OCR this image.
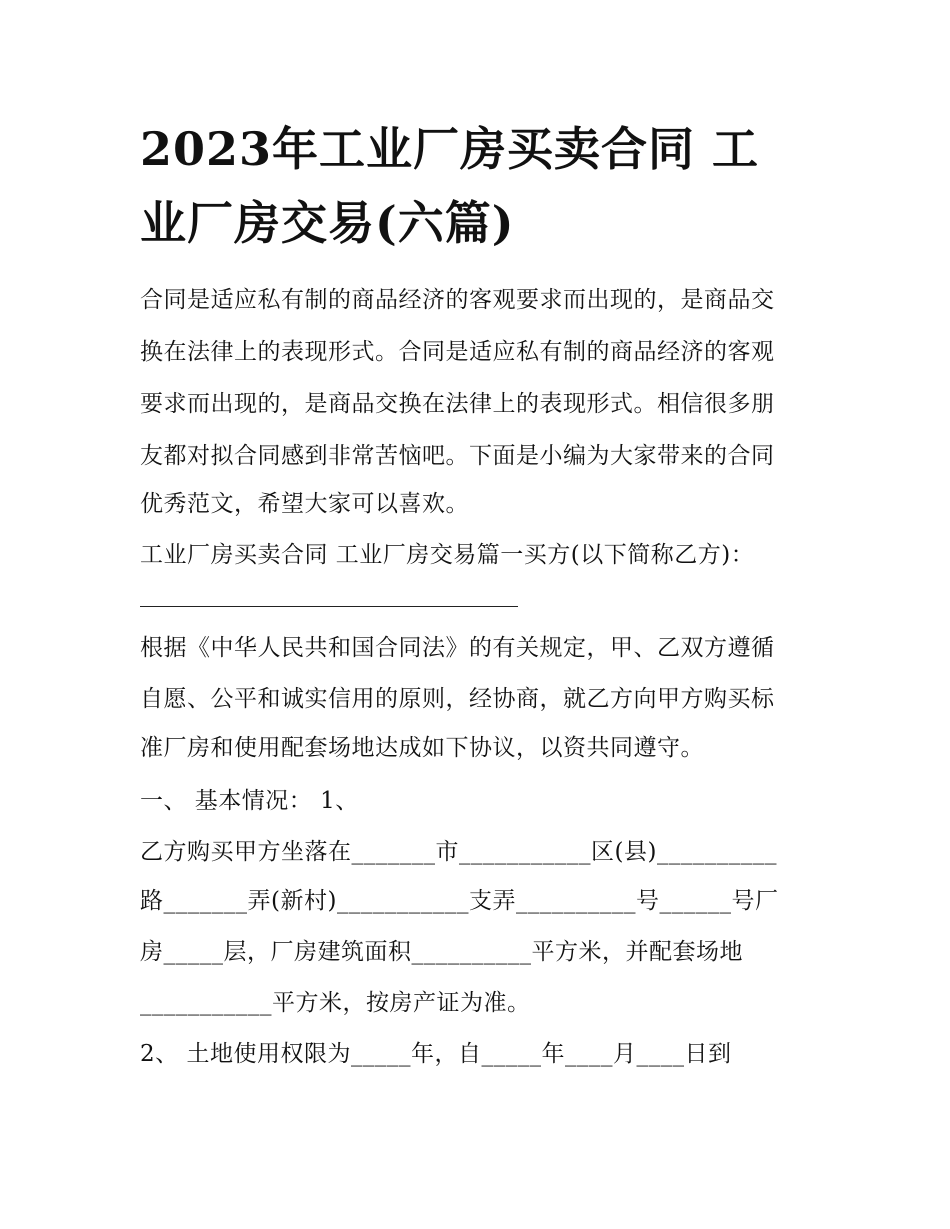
2023年工业厂房买卖合同 工
业厂房交易(六篇)
合同是适应私有制的商品经济的客观要求而出现的，是商品交
换在法律上的表现形式。合同是适应私有制的商品经济的客观
要求而出现的，是商品交换在法律上的表现形式。相信很多朋
友都对拟合同感到非常苦恼吧。下面是小编为大家带来的合同
优秀范文，希望大家可以喜欢。
工业厂房买卖合同 工业厂房交易篇一买方(以下简称乙方)：
根据《中华人民共和国合同法》的有关规定，甲、乙双方遵循
自愿、公平和诚实信用的原则，经协商，就乙方向甲方购买标
准厂房和使用配套场地达成如下协议，以资共同遵守。
一、 基本情况： 1、
乙方购买甲方坐落在_______市___________区(县)__________
路_______弄(新村)___________支弄__________号______号厂
房_____层，厂房建筑面积__________平方米，并配套场地
___________平方米，按房产证为准。
2、 土地使用权限为_____年，自_____年____月____日到
